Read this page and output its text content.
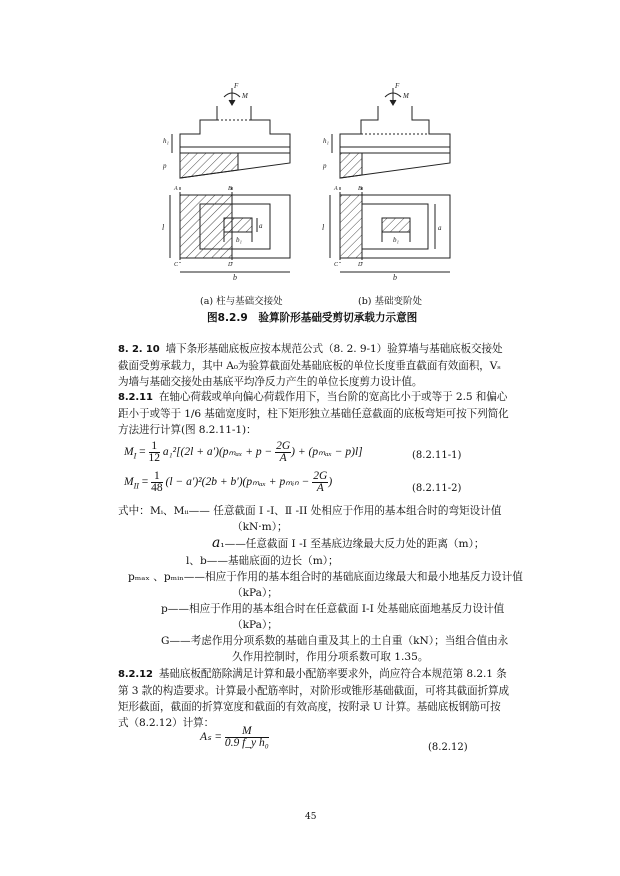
F
M
h₁
p
A	B
b₁
a
C	D
l
b
F
M
h₁
p
A	B
b₁
a
C	D
l
b
(a) 柱与基础交接处	(b) 基础变阶处
图8.2.9　验算阶形基础受剪切承载力示意图
8. 2. 10 墙下条形基础底板应按本规范公式（8. 2. 9-1）验算墙与基础底板交接处截面受剪承载力，其中 A₀为验算截面处基础底板的单位长度垂直截面有效面积，Vₛ为墙与基础交接处由基底平均净反力产生的单位长度剪力设计值。
8.2.11 在轴心荷载或单向偏心荷载作用下，当台阶的宽高比小于或等于 2.5 和偏心距小于或等于 1/6 基础宽度时，柱下矩形独立基础任意截面的底板弯矩可按下列简化方法进行计算(图 8.2.11-1)：
$M_I = \frac{1}{12} a_1^2[(2l + a')(p_{max} + p - \frac{2G}{A}$ ) + (pₘₐₓ − p)l]	(8.2.11-1)
$M_{II} = \frac{1}{48} (l - a')^2(2b + b')(p_{max}$ + pₘᵢₙ − $\frac{2G}{A}$ )
(8.2.11-2)
式中： Mᵢ、Mᵢᵢ—— 任意截面 Ⅰ -I、Ⅱ -II 处相应于作用的基本组合时的弯矩设计值
（kN·m）；
a₁——任意截面 I -I 至基底边缘最大反力处的距离（m）；
l、b——基础底面的边长（m）；
pₘₐₓ 、pₘᵢₙ——相应于作用的基本组合时的基础底面边缘最大和最小地基反力设计值
（kPa）；
p——相应于作用的基本组合时在任意截面 I-I 处基础底面地基反力设计值
（kPa）；
G——考虑作用分项系数的基础自重及其上的土自重（kN）；当组合值由永
久作用控制时，作用分项系数可取 1.35。
8.2.12 基础底板配筋除满足计算和最小配筋率要求外，尚应符合本规范第 8.2.1 条第 3 款的构造要求。计算最小配筋率时，对阶形或锥形基础截面，可将其截面折算成矩形截面，截面的折算宽度和截面的有效高度，按附录 U 计算。基础底板钢筋可按式（8.2.12）计算：
$A_s = \frac{M}{\text{0.9 f\_y h₀}}$	(8.2.12)
45
